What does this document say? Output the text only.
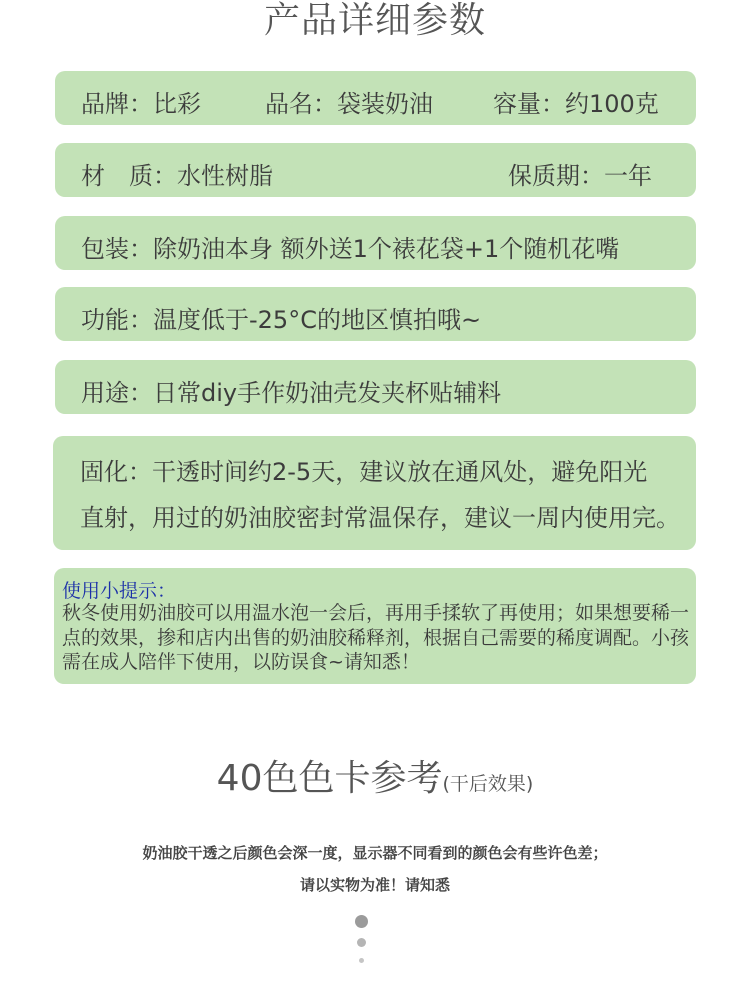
产品详细参数
品牌：比彩	品名：袋装奶油	容量：约100克
材　质：水性树脂	保质期：一年
包装：除奶油本身 额外送1个裱花袋+1个随机花嘴
功能：温度低于-25°C的地区慎拍哦~
用途：日常diy手作奶油壳发夹杯贴辅料
固化：干透时间约2-5天，建议放在通风处，避免阳光
直射，用过的奶油胶密封常温保存，建议一周内使用完。
使用小提示：
秋冬使用奶油胶可以用温水泡一会后，再用手揉软了再使用；如果想要稀一点的效果，掺和店内出售的奶油胶稀释剂，根据自己需要的稀度调配。小孩需在成人陪伴下使用，以防误食~请知悉！
40色色卡参考(干后效果)
奶油胶干透之后颜色会深一度，显示器不同看到的颜色会有些许色差；
请以实物为准！请知悉
